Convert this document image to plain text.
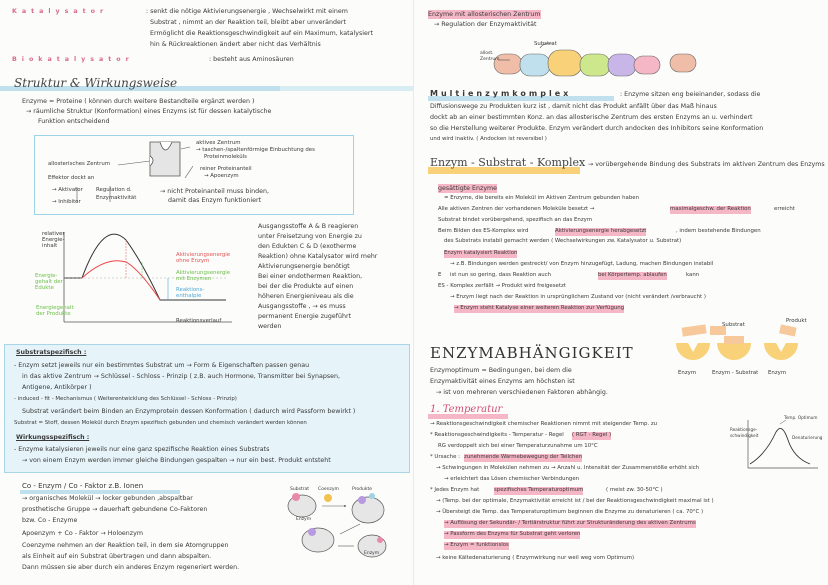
Katalysator	: senkt die nötige Aktivierungsenergie , Wechselwirkt mit einem
Substrat , nimmt an der Reaktion teil, bleibt aber unverändert
Ermöglicht die Reaktionsgeschwindigkeit auf ein Maximum, katalysiert
hin & Rückreaktionen ändert aber nicht das Verhältnis
Biokatalysator	: besteht aus Aminosäuren
Struktur & Wirkungsweise
Enzyme = Proteine ( können durch weitere Bestandteile ergänzt werden )
→ räumliche Struktur (Konformation) eines Enzyms ist für dessen katalytische
Funktion entscheidend
allosterisches Zentrum
Effektor dockt an
aktives Zentrum
→ taschen-/spaltenförmige Einbuchtung des
Proteinmoleküls
reiner Proteinanteil
→ Apoenzym
→ Aktivator
→ Inhibitor
Regulation d.
Enzymaktivität
→ nicht Proteinanteil muss binden,
damit das Enzym funktioniert
relativer
Energie-
inhalt
Energie-
gehalt der
Edukte
Energiegehalt
der Produkte
Aktivierungsenergie
ohne Enzym
Aktivierungsenergie
mit Enzymen
Reaktions-
enthalpie
Reaktionsverlauf
Ausgangsstoffe A & B reagieren
unter Freisetzung von Energie zu
den Edukten C & D (exotherme
Reaktion) ohne Katalysator wird mehr
Aktivierungsenergie benötigt
Bei einer endothermen Reaktion,
bei der die Produkte auf einen
höheren Energieniveau als die
Ausgangsstoffe , → es muss
permanent Energie zugeführt
werden
Substratspezifisch :
- Enzym setzt jeweils nur ein bestimmtes Substrat um → Form & Eigenschaften passen genau
in das aktive Zentrum → Schlüssel - Schloss - Prinzip ( z.B. auch Hormone, Transmitter bei Synapsen,
Antigene, Antikörper )
- induced - fit - Mechanismus ( Weiterentwicklung des Schlüssel - Schloss - Prinzip)
Substrat verändert beim Binden an Enzymprotein dessen Konformation ( dadurch wird Passform bewirkt )
Substrat = Stoff, dessen Molekül durch Enzym spezifisch gebunden und chemisch verändert werden können
Wirkungsspezifisch :
- Enzyme katalysieren jeweils nur eine ganz spezifische Reaktion eines Substrats
→ von einem Enzym werden immer gleiche Bindungen gespalten → nur ein best. Produkt entsteht
Co - Enzym / Co - Faktor z.B. Ionen
→ organisches Molekül → locker gebunden ,abspaltbar
prosthetische Gruppe → dauerhaft gebundene Co-Faktoren
bzw. Co - Enzyme
Apoenzym + Co - Faktor → Holoenzym
Coenzyme nehmen an der Reaktion teil, in dem sie Atomgruppen
als Einheit auf ein Substrat übertragen und dann abspalten.
Dann müssen sie aber durch ein anderes Enzym regeneriert werden.
Substrat Coenzym	Produkte
Enzym
Enzym
Enzyme mit allosterischen Zentrum
→ Regulation der Enzymaktivität
Substrat
allost.
Zentrum
Multienzymkomplex	: Enzyme sitzen eng beieinander, sodass die
Diffusionswege zu Produkten kurz ist , damit nicht das Produkt anfällt über das Maß hinaus
dockt ab an einer bestimmten Konz. an das allosterische Zentrum des ersten Enzyms an u. verhindert
so die Herstellung weiterer Produkte. Enzym verändert durch andocken des Inhibitors seine Konformation
und wird inaktiv. ( Andocken ist reversibel )
Enzym - Substrat - Komplex → vorübergehende Bindung des Substrats im aktiven Zentrum des Enzyms
gesättigte Enzyme
= Enzyme, die bereits ein Molekül im Aktiven Zentrum gebunden haben
Alle aktiven Zentren der vorhandenen Moleküle besetzt →	maximalgeschw. der Reaktion	erreicht
Substrat bindet vorübergehend, spezifisch an das Enzym
Beim Bilden des ES-Komplex wird	Aktivierungsenergie herabgesetzt	, indem bestehende Bindungen
des Substrats instabil gemacht werden ( Wechselwirkungen zw. Katalysator u. Substrat)
Enzym katalysiert Reaktion
→ z.B. Bindungen werden gestreckt/ von Enzym hinzugefügt, Ladung, machen Bindungen instabil
E ist nun so gering, dass Reaktion auch	bei Körpertemp. ablaufen	kann
ES - Komplex zerfällt → Produkt wird freigesetzt
→ Enzym liegt nach der Reaktion in ursprünglichem Zustand vor (nicht verändert /verbraucht )
→ Enzym steht Katalyse einer weiteren Reaktion zur Verfügung
Substrat
Produkt
Enzym	Enzym - Substrat Enzym
ENZYMABHÄNGIGKEIT
Enzymoptimum = Bedingungen, bei dem die
Enzymaktivität eines Enzyms am höchsten ist
→ ist von mehreren verschiedenen Faktoren abhängig.
1. Temperatur
→ Reaktionsgeschwindigkeit chemischer Reaktionen nimmt mit steigender Temp. zu
* Reaktionsgeschwindigkeits - Temperatur - Regel ( RGT - Regel )
RG verdoppelt sich bei einer Temperaturzunahme um 10°C
* Ursache : zunehmende Wärmebewegung der Teilchen
→ Schwingungen in Molekülen nehmen zu → Anzahl u. Intensität der Zusammenstöße erhöht sich
→ erleichtert das Lösen chemischer Verbindungen
* Jedes Enzym hat	spezifisches Temperaturoptimum	( meist zw. 30-50°C )
→ (Temp. bei der optimale, Enzymaktivität erreicht ist / bei der Reaktionsgeschwindigkeit maximal ist )
→ Übersteigt die Temp. das Temperaturoptimum beginnen die Enzyme zu denaturieren ( ca. 70°C )
→ Auflösung der Sekundär- / Tertiärstruktur führt zur Strukturänderung des aktiven Zentrums
→ Passform des Enzyms für Substrat geht verloren
→ Enzym = funktionslos
→ keine Kältedenaturierung ( Enzymwirkung nur weil weg vom Optimum)
Reaktionsge-
schwindigkeit
Temp. Optimum
Denaturierung
